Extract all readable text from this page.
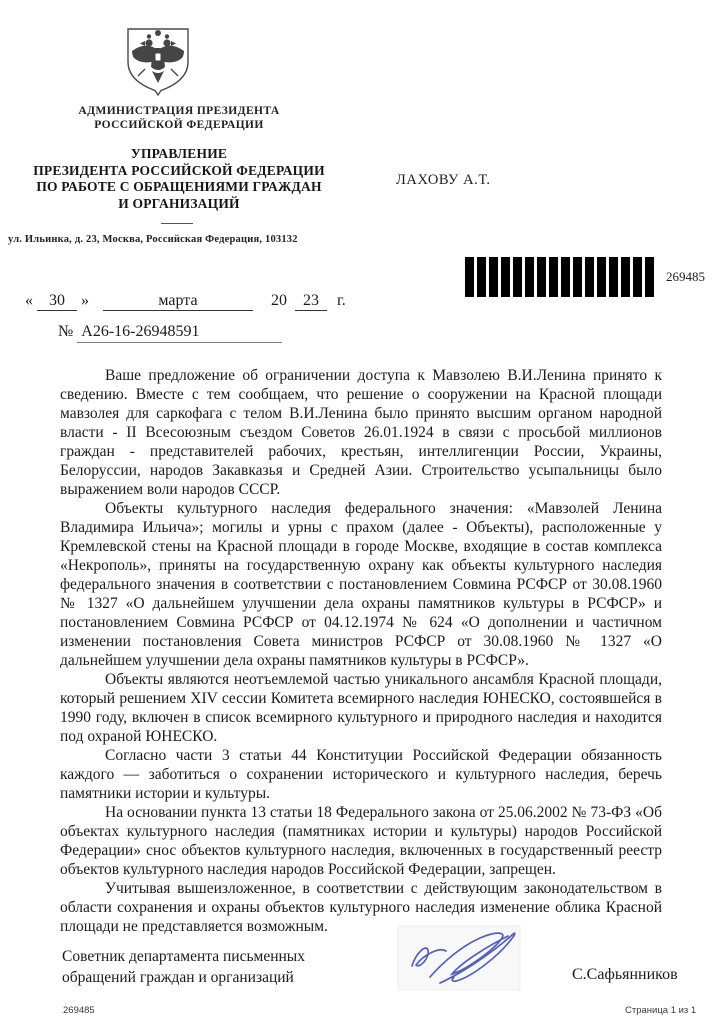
АДМИНИСТРАЦИЯ ПРЕЗИДЕНТА
РОССИЙСКОЙ ФЕДЕРАЦИИ
УПРАВЛЕНИЕ
ПРЕЗИДЕНТА РОССИЙСКОЙ ФЕДЕРАЦИИ
ПО РАБОТЕ С ОБРАЩЕНИЯМИ ГРАЖДАН
И ОРГАНИЗАЦИЙ
ул. Ильинка, д. 23, Москва, Российская Федерация, 103132
ЛАХОВУ А.Т.
269485
« 30 »	марта	20 23 г.
№ А26-16-26948591

Ваше предложение об ограничении доступа к Мавзолею В.И.Ленина принято к сведению. Вместе с тем сообщаем, что решение о сооружении на Красной площади мавзолея для саркофага с телом В.И.Ленина было принято высшим органом народной власти - II Всесоюзным съездом Советов 26.01.1924 в связи с просьбой миллионов граждан - представителей рабочих, крестьян, интеллигенции России, Украины, Белоруссии, народов Закавказья и Средней Азии. Строительство усыпальницы было выражением воли народов СССР.

Объекты культурного наследия федерального значения: «Мавзолей Ленина Владимира Ильича»; могилы и урны с прахом (далее - Объекты), расположенные у Кремлевской стены на Красной площади в городе Москве, входящие в состав комплекса «Некрополь», приняты на государственную охрану как объекты культурного наследия федерального значения в соответствии с постановлением Совмина РСФСР от 30.08.1960 № 1327 «О дальнейшем улучшении дела охраны памятников культуры в РСФСР» и постановлением Совмина РСФСР от 04.12.1974 № 624 «О дополнении и частичном изменении постановления Совета министров РСФСР от 30.08.1960 № 1327 «О дальнейшем улучшении дела охраны памятников культуры в РСФСР».

Объекты являются неотъемлемой частью уникального ансамбля Красной площади, который решением XIV сессии Комитета всемирного наследия ЮНЕСКО, состоявшейся в 1990 году, включен в список всемирного культурного и природного наследия и находится под охраной ЮНЕСКО.

Согласно части 3 статьи 44 Конституции Российской Федерации обязанность каждого — заботиться о сохранении исторического и культурного наследия, беречь памятники истории и культуры.

На основании пункта 13 статьи 18 Федерального закона от 25.06.2002 № 73-ФЗ «Об объектах культурного наследия (памятниках истории и культуры) народов Российской Федерации» снос объектов культурного наследия, включенных в государственный реестр объектов культурного наследия народов Российской Федерации, запрещен.

Учитывая вышеизложенное, в соответствии с действующим законодательством в области сохранения и охраны объектов культурного наследия изменение облика Красной площади не представляется возможным.

Советник департамента письменных
обращений граждан и организаций	С.Сафьянников
269485	Страница 1 из 1
